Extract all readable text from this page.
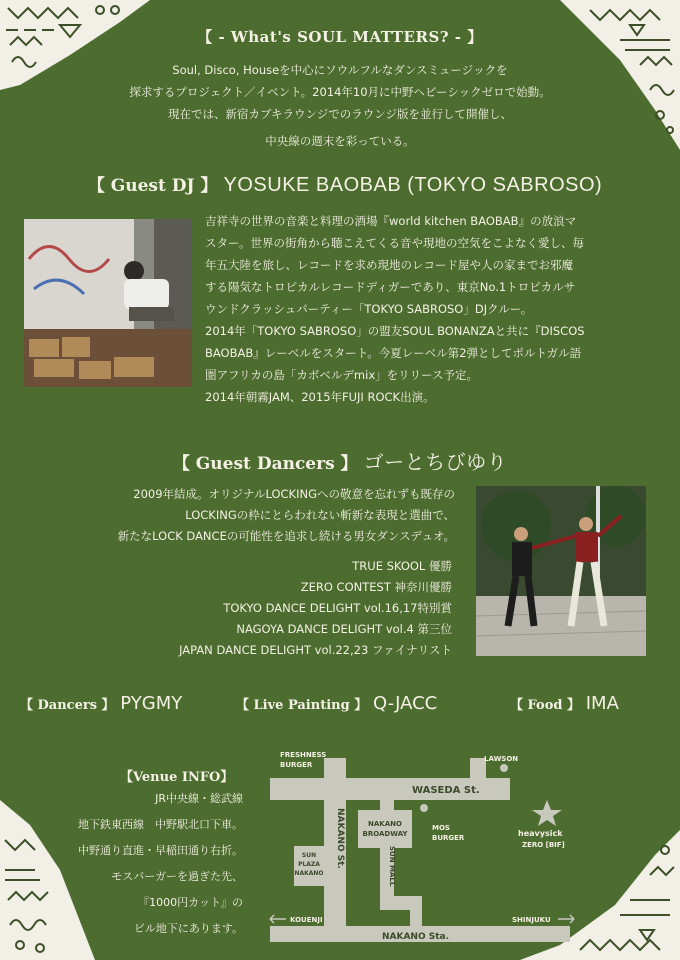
【 - What's SOUL MATTERS? - 】
Soul, Disco, Houseを中心にソウルフルなダンスミュージックを
探求するプロジェクト／イベント。2014年10月に中野ヘビーシックゼロで始動。
現在では、新宿カブキラウンジでのラウンジ版を並行して開催し、
中央線の週末を彩っている。
【 Guest DJ 】 YOSUKE BAOBAB (TOKYO SABROSO)
吉祥寺の世界の音楽と料理の酒場『world kitchen BAOBAB』の放浪マ
スター。世界の街角から聴こえてくる音や現地の空気をこよなく愛し、毎
年五大陸を旅し、レコードを求め現地のレコード屋や人の家までお邪魔
する陽気なトロピカルレコードディガーであり、東京No.1トロピカルサ
ウンドクラッシュパーティー「TOKYO SABROSO」DJクルー。
2014年「TOKYO SABROSO」の盟友SOUL BONANZAと共に『DISCOS
BAOBAB』レーベルをスタート。今夏レーベル第2弾としてポルトガル語
圏アフリカの島「カボベルデmix」をリリース予定。
2014年朝霧JAM、2015年FUJI ROCK出演。
【 Guest Dancers 】 ゴーとちびゆり
2009年結成。オリジナルLOCKINGへの敬意を忘れずも既存の
LOCKINGの枠にとらわれない斬新な表現と選曲で、
新たなLOCK DANCEの可能性を追求し続ける男女ダンスデュオ。
TRUE SKOOL 優勝
ZERO CONTEST 神奈川優勝
TOKYO DANCE DELIGHT vol.16,17特別賞
NAGOYA DANCE DELIGHT vol.4 第三位
JAPAN DANCE DELIGHT vol.22,23 ファイナリスト
【 Dancers 】 PYGMY	【 Live Painting 】 Q-JACC	【 Food 】 IMA
【Venue INFO】
JR中央線・総武線
地下鉄東西線　中野駅北口下車。
中野通り直進・早稲田通り右折。
モスバーガーを過ぎた先、
『1000円カット』の
ビル地下にあります。
FRESHNESS BURGER
LAWSON
WASEDA St.
NAKANO BROADWAY
MOS BURGER	heavysick ZERO [BIF]
SUN PLAZA NAKANO
NAKANO St.	SUN MALL
KOUENJI	SHINJUKU
NAKANO Sta.
